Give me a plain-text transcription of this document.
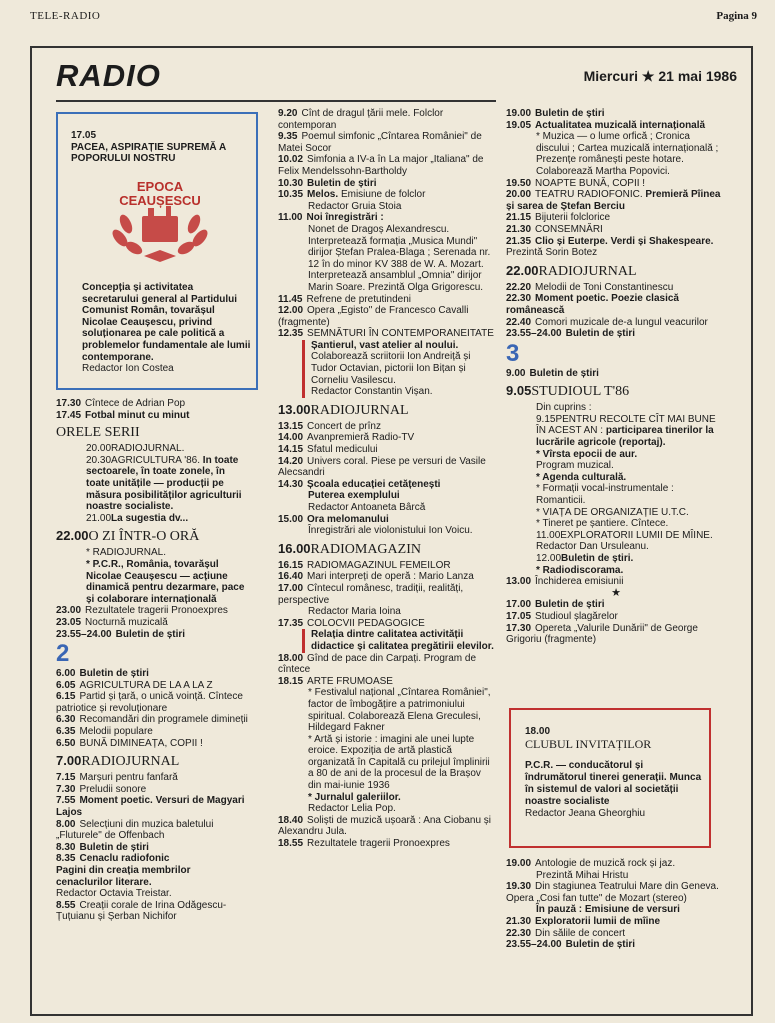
TELE-RADIO	Pagina 9
RADIO	Miercuri ★ 21 mai 1986
17.05
PACEA, ASPIRAȚIE SUPREMĂ A POPORULUI NOSTRU
EPOCA CEAUȘESCU
Concepția și activitatea secretarului general al Partidului Comunist Român, tovarășul Nicolae Ceaușescu, privind soluționarea pe cale politică a problemelor fundamentale ale lumii contemporane.
Redactor Ion Costea
17.30 Cîntece de Adrian Pop
17.45 Fotbal minut cu minut
ORELE SERII
20.00RADIOJURNAL.
20.30AGRICULTURA '86. In toate sectoarele, în toate zonele, în toate unitățile — producții pe măsura posibilităților agriculturii noastre socialiste.
21.00La sugestia dv...
22.00O ZI ÎNTR-O ORĂ
* RADIOJURNAL.
* P.C.R., România, tovarășul Nicolae Ceaușescu — acțiune dinamică pentru dezarmare, pace și colaborare internațională
23.00 Rezultatele tragerii Pronoexpres
23.05 Nocturnă muzicală
23.55–24.00 Buletin de știri
2
6.00 Buletin de știri
6.05 AGRICULTURA DE LA A LA Z
6.15 Partid și țară, o unică voință. Cîntece patriotice și revoluționare
6.30 Recomandări din programele dimineții
6.35 Melodii populare
6.50 BUNĂ DIMINEAȚA, COPII !
7.00RADIOJURNAL
7.15 Marșuri pentru fanfară
7.30 Preludii sonore
7.55 Moment poetic. Versuri de Magyari Lajos
8.00 Selecțiuni din muzica baletului „Fluturele" de Offenbach
8.30 Buletin de știri
8.35 Cenaclu radiofonic
Pagini din creația membrilor cenaclurilor literare.
Redactor Octavia Treistar.
8.55 Creații corale de Irina Odăgescu-Țuțuianu și Șerban Nichifor
9.20 Cînt de dragul țării mele. Folclor contemporan
9.35 Poemul simfonic „Cîntarea României" de Matei Socor
10.02 Simfonia a IV-a în La major „Italiana" de Felix Mendelssohn-Bartholdy
10.30 Buletin de știri
10.35 Melos. Emisiune de folclor
Redactor Gruia Stoia
11.00 Noi înregistrări :
Nonet de Dragoș Alexandrescu. Interpretează formația „Musica Mundi" dirijor Ștefan Pralea-Blaga ; Serenada nr. 12 în do minor KV 388 de W. A. Mozart. Interpretează ansamblul „Omnia" dirijor Marin Soare. Prezintă Olga Grigorescu.
11.45 Refrene de pretutindeni
12.00 Opera „Egisto" de Francesco Cavalli (fragmente)
12.35 SEMNĂTURI ÎN CONTEMPORANEITATE
Șantierul, vast atelier al noului.
Colaborează scriitorii Ion Andreiță și Tudor Octavian, pictorii Ion Bițan și Corneliu Vasilescu.
Redactor Constantin Vișan.
13.00RADIOJURNAL
13.15 Concert de prînz
14.00 Avanpremieră Radio-TV
14.15 Sfatul medicului
14.20 Univers coral. Piese pe versuri de Vasile Alecsandri
14.30 Școala educației cetățenești
Puterea exemplului
Redactor Antoaneta Bârcă
15.00 Ora melomanului
Înregistrări ale violonistului Ion Voicu.
16.00RADIOMAGAZIN
16.15 RADIOMAGAZINUL FEMEILOR
16.40 Mari interpreți de operă : Mario Lanza
17.00 Cîntecul românesc, tradiții, realități, perspective
Redactor Maria Ioina
17.35 COLOCVII PEDAGOGICE
Relația dintre calitatea activității didactice și calitatea pregătirii elevilor.
18.00 Gînd de pace din Carpați. Program de cîntece
18.15 ARTE FRUMOASE
* Festivalul național „Cîntarea României", factor de îmbogățire a patrimoniului spiritual. Colaborează Elena Greculesi, Hildegard Fakner
* Artă și istorie : imagini ale unei lupte eroice. Expoziția de artă plastică organizată în Capitală cu prilejul împlinirii a 80 de ani de la procesul de la Brașov din mai-iunie 1936
* Jurnalul galeriilor.
Redactor Lelia Pop.
18.40 Soliști de muzică ușoară : Ana Ciobanu și Alexandru Jula.
18.55 Rezultatele tragerii Pronoexpres
19.00 Buletin de știri
19.05 Actualitatea muzicală internațională
* Muzica — o lume orfică ; Cronica discului ; Cartea muzicală internațională ; Prezențe românești peste hotare.
Colaborează Martha Popovici.
19.50 NOAPTE BUNĂ, COPII !
20.00 TEATRU RADIOFONIC. Premieră Pîinea și sarea de Ștefan Berciu
21.15 Bijuterii folclorice
21.30 CONSEMNĂRI
21.35 Clio și Euterpe. Verdi și Shakespeare. Prezintă Sorin Botez
22.00RADIOJURNAL
22.20 Melodii de Toni Constantinescu
22.30 Moment poetic. Poezie clasică românească
22.40 Comori muzicale de-a lungul veacurilor
23.55–24.00 Buletin de știri
3
9.00 Buletin de știri
9.05STUDIOUL T'86
Din cuprins :
9.15PENTRU RECOLTE CÎT MAI BUNE ÎN ACEST AN : participarea tinerilor la lucrările agricole (reportaj).
* Vîrsta epocii de aur.
Program muzical.
* Agenda culturală.
* Formații vocal-instrumentale : Romanticii.
* VIAȚA DE ORGANIZAȚIE U.T.C.
* Tineret pe șantiere. Cîntece.
11.00EXPLORATORII LUMII DE MÎINE.
Redactor Dan Ursuleanu.
12.00Buletin de știri.
* Radiodiscorama.
13.00 Închiderea emisiunii
★
17.00 Buletin de știri
17.05 Studioul șlagărelor
17.30 Opereta „Valurile Dunării" de George Grigoriu (fragmente)
18.00
CLUBUL INVITAȚILOR
P.C.R. — conducătorul și îndrumătorul tinerei generații. Munca în sistemul de valori al societății noastre socialiste
Redactor Jeana Gheorghiu
19.00 Antologie de muzică rock și jaz.
Prezintă Mihai Hristu
19.30 Din stagiunea Teatrului Mare din Geneva. Opera „Cosi fan tutte" de Mozart (stereo)
În pauză : Emisiune de versuri
21.30 Exploratorii lumii de mîine
22.30 Din sălile de concert
23.55–24.00 Buletin de știri
